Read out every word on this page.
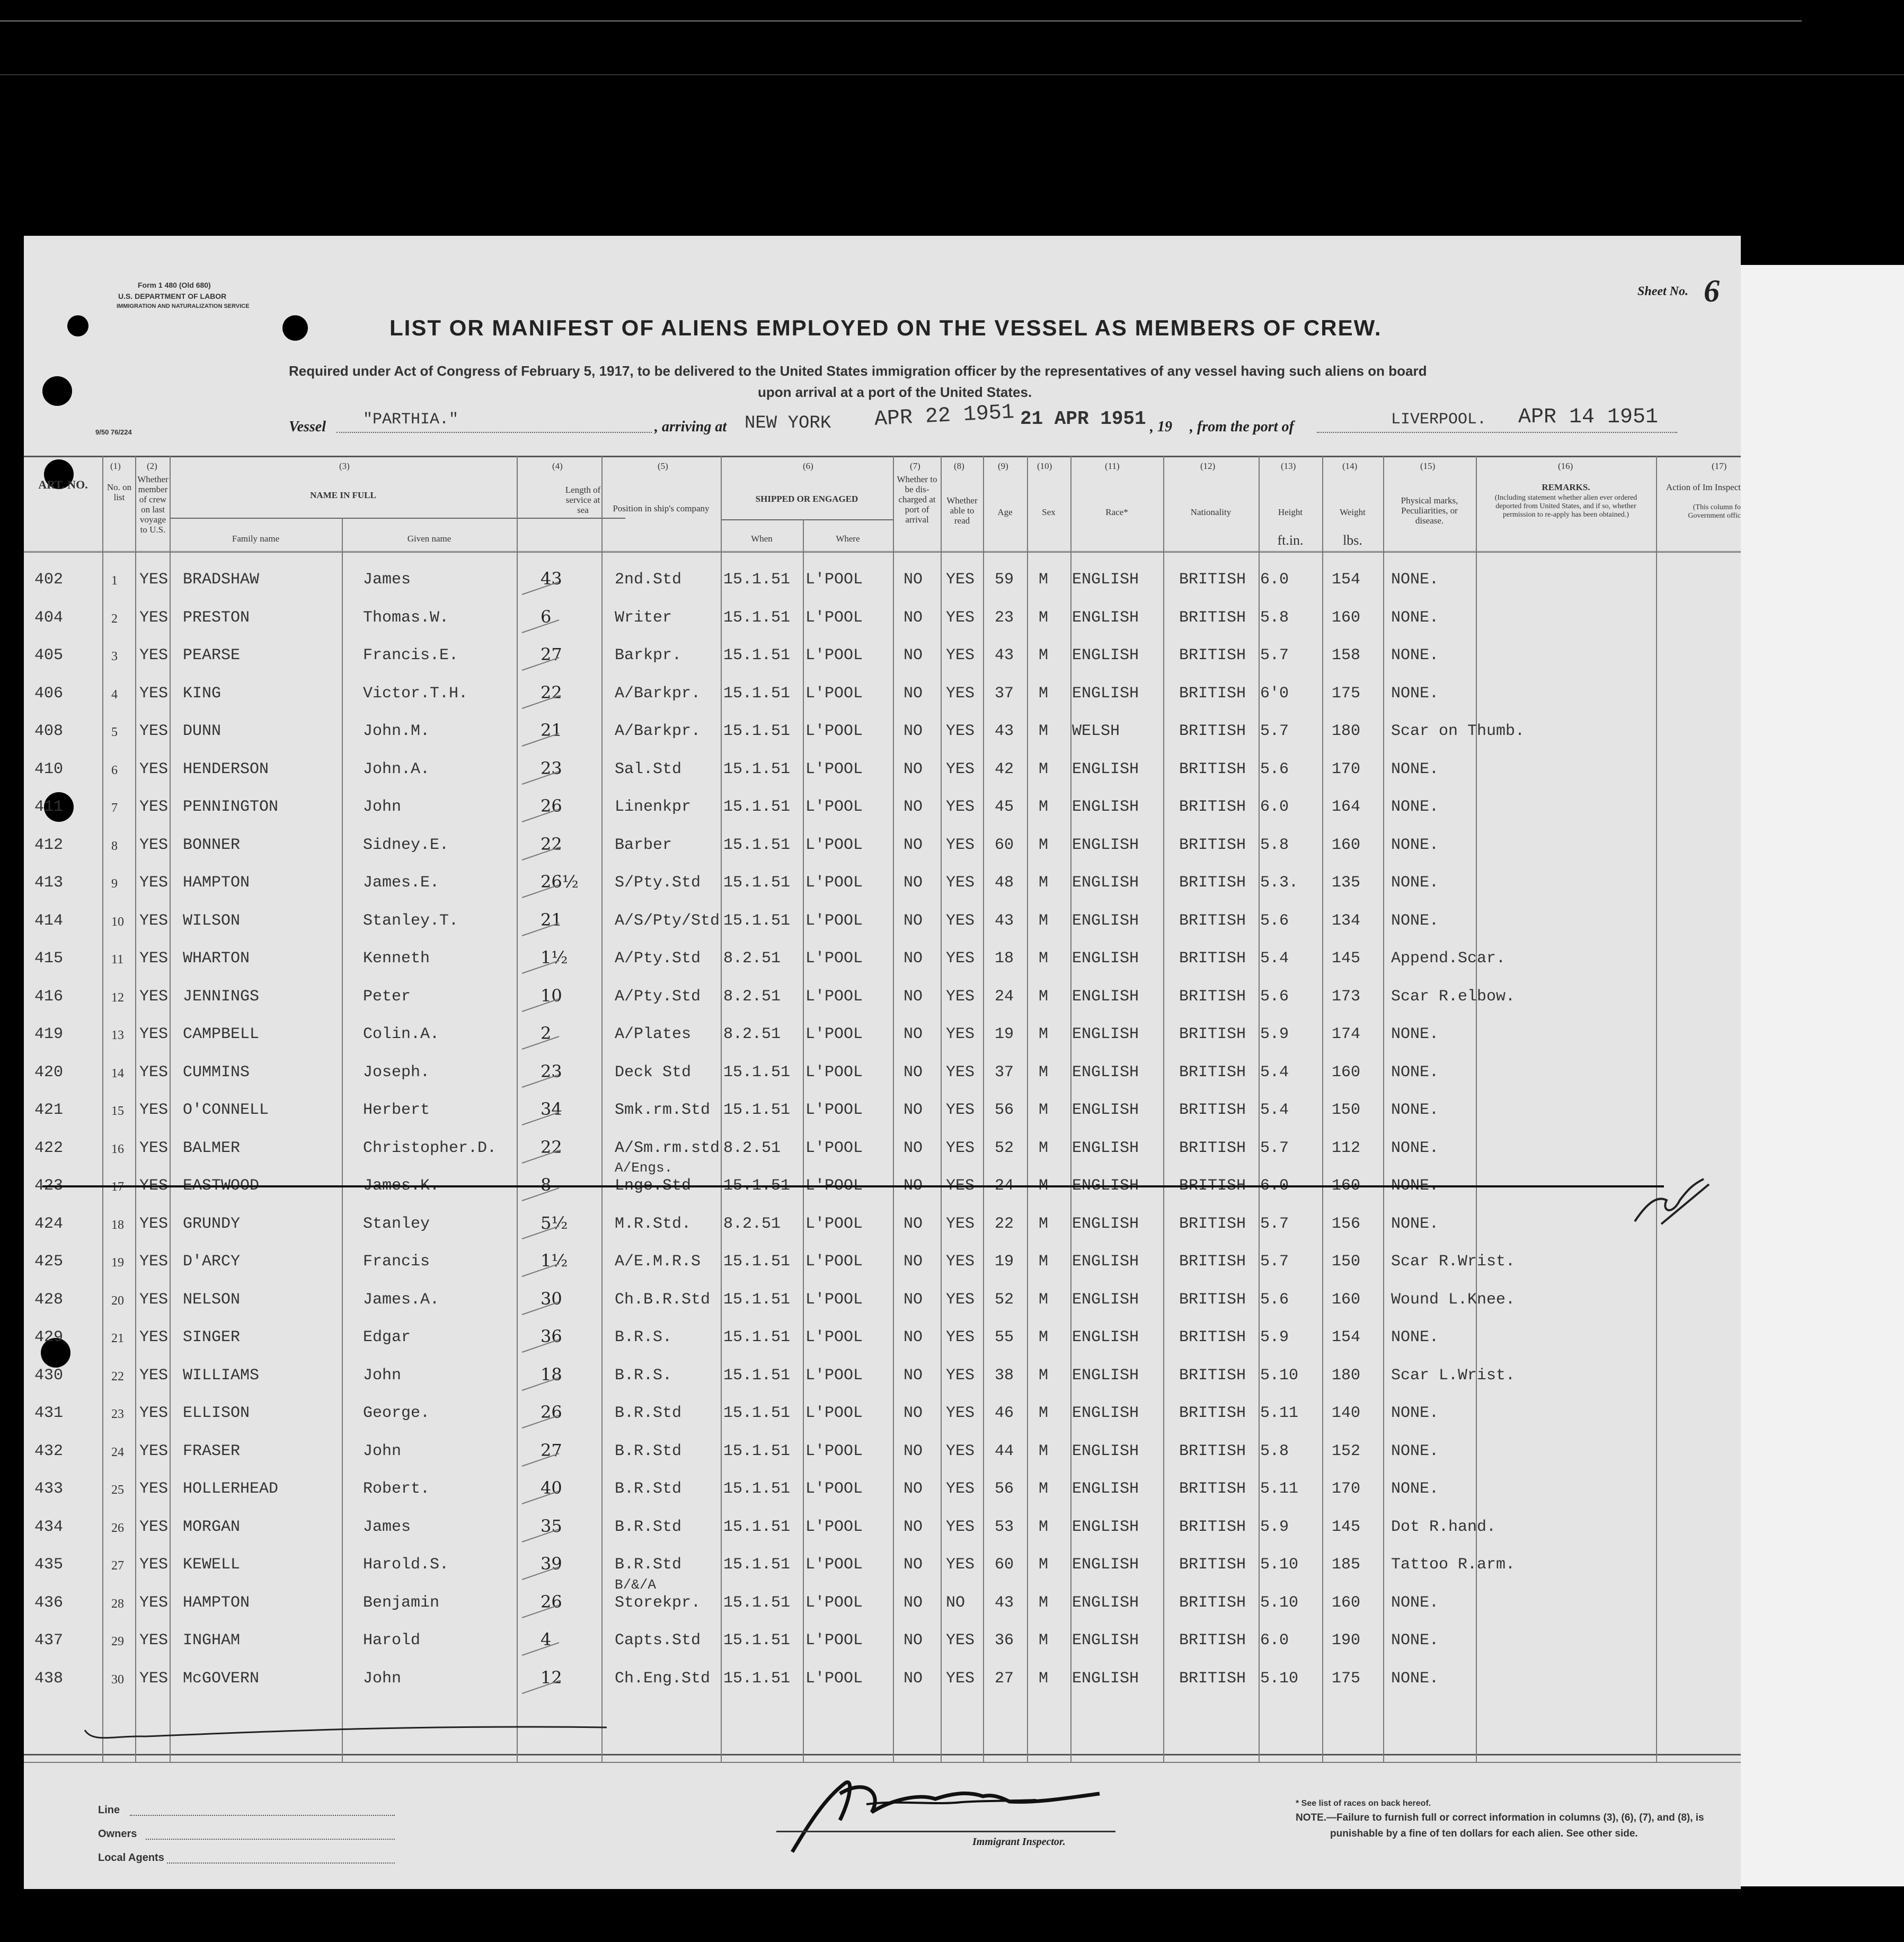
Form 1 480 (Old 680)
U.S. DEPARTMENT OF LABOR
IMMIGRATION AND NATURALIZATION SERVICE
9/50 76/224
Sheet No. 6
LIST OR MANIFEST OF ALIENS EMPLOYED ON THE VESSEL AS MEMBERS OF CREW.
Required under Act of Congress of February 5, 1917, to be delivered to the United States immigration officer by the representatives of any vessel having such aliens on board
upon arrival at a port of the United States.
Vessel "PARTHIA."	, arriving at NEW YORK APR 22 1951 21 APR 1951 , 19 , from the port of	LIVERPOOL. APR 14 1951
ART. NO.
(1)
No. on list
(2)
Whether member of crew on last voyage to U.S.
(3)
NAME IN FULL
Family name	Given name
(4)
Length of service at sea
(5)
Position in ship's company
(6)
SHIPPED OR ENGAGED
When	Where
(7)
Whether to be dis- charged at port of arrival
(8)
Whether able to read
(9)
Age
(10)
Sex
(11)
Race*
(12)
Nationality
(13)
Height
ft.in.
(14)
Weight
lbs.
(15)
Physical marks, Peculiarities, or disease.
(16)
REMARKS.
(Including statement whether alien ever ordered deported from United States, and if so, whether permission to re-apply has been obtained.)
(17)
Action of Im Inspect
(This column fo Government offic
402	1 YES BRADSHAW	James	43	2nd.Std	15.1.51 L'POOL	NO YES 59 M ENGLISH	BRITISH 6.0	154 NONE.
404	2 YES PRESTON	Thomas.W.	6	Writer	15.1.51 L'POOL	NO YES 23 M ENGLISH	BRITISH 5.8	160 NONE.
405	3 YES PEARSE	Francis.E.	27	Barkpr.	15.1.51 L'POOL	NO YES 43 M ENGLISH	BRITISH 5.7	158 NONE.
406	4 YES KING	Victor.T.H.	22	A/Barkpr. 15.1.51 L'POOL	NO YES 37 M ENGLISH	BRITISH 6'0	175 NONE.
408	5 YES DUNN	John.M.	21	A/Barkpr. 15.1.51 L'POOL	NO YES 43 M WELSH	BRITISH 5.7	180 Scar on Thumb.
410	6 YES HENDERSON	John.A.	23	Sal.Std	15.1.51 L'POOL	NO YES 42 M ENGLISH	BRITISH 5.6	170 NONE.
411	7 YES PENNINGTON	John	26	Linenkpr 15.1.51 L'POOL	NO YES 45 M ENGLISH	BRITISH 6.0	164 NONE.
412	8 YES BONNER	Sidney.E.	22	Barber	15.1.51 L'POOL	NO YES 60 M ENGLISH	BRITISH 5.8	160 NONE.
413	9 YES HAMPTON	James.E.	26½ S/Pty.Std 15.1.51 L'POOL	NO YES 48 M ENGLISH	BRITISH 5.3. 135 NONE.
414	10 YES WILSON	Stanley.T.	21	A/S/Pty/Std 15.1.51 L'POOL	NO YES 43 M ENGLISH	BRITISH 5.6	134 NONE.
415	11 YES WHARTON	Kenneth	1½	A/Pty.Std 8.2.51 L'POOL	NO YES 18 M ENGLISH	BRITISH 5.4	145 Append.Scar.
416	12 YES JENNINGS	Peter	10	A/Pty.Std 8.2.51 L'POOL	NO YES 24 M ENGLISH	BRITISH 5.6	173 Scar R.elbow.
419	13 YES CAMPBELL	Colin.A.	2	A/Plates 8.2.51 L'POOL	NO YES 19 M ENGLISH	BRITISH 5.9	174 NONE.
420	14 YES CUMMINS	Joseph.	23	Deck Std 15.1.51 L'POOL	NO YES 37 M ENGLISH	BRITISH 5.4	160 NONE.
421	15 YES O'CONNELL	Herbert	34	Smk.rm.Std 15.1.51 L'POOL	NO YES 56 M ENGLISH	BRITISH 5.4	150 NONE.
422	16 YES BALMER	Christopher.D.	22	A/Sm.rm.std 8.2.51 L'POOL	NO YES 52 M ENGLISH	BRITISH 5.7	112 NONE.
423	17 YES EASTWOOD	James.K.	8	Lnge.Std 15.1.51 L'POOL	NO YES 24 M ENGLISH	BRITISH 6.0	160 NONE.
A/Engs.
424	18 YES GRUNDY	Stanley	5½	M.R.Std. 8.2.51 L'POOL	NO YES 22 M ENGLISH	BRITISH 5.7	156 NONE.
425	19 YES D'ARCY	Francis	1½	A/E.M.R.S 15.1.51 L'POOL	NO YES 19 M ENGLISH	BRITISH 5.7	150 Scar R.Wrist.
428	20 YES NELSON	James.A.	30	Ch.B.R.Std 15.1.51 L'POOL	NO YES 52 M ENGLISH	BRITISH 5.6	160 Wound L.Knee.
429	21 YES SINGER	Edgar	36	B.R.S.	15.1.51 L'POOL	NO YES 55 M ENGLISH	BRITISH 5.9	154 NONE.
430	22 YES WILLIAMS	John	18	B.R.S.	15.1.51 L'POOL	NO YES 38 M ENGLISH	BRITISH 5.10 180 Scar L.Wrist.
431	23 YES ELLISON	George.	26	B.R.Std	15.1.51 L'POOL	NO YES 46 M ENGLISH	BRITISH 5.11 140 NONE.
432	24 YES FRASER	John	27	B.R.Std	15.1.51 L'POOL	NO YES 44 M ENGLISH	BRITISH 5.8	152 NONE.
433	25 YES HOLLERHEAD	Robert.	40	B.R.Std	15.1.51 L'POOL	NO YES 56 M ENGLISH	BRITISH 5.11 170 NONE.
434	26 YES MORGAN	James	35	B.R.Std	15.1.51 L'POOL	NO YES 53 M ENGLISH	BRITISH 5.9	145 Dot R.hand.
435	27 YES KEWELL	Harold.S.	39	B.R.Std	15.1.51 L'POOL	NO YES 60 M ENGLISH	BRITISH 5.10 185 Tattoo R.arm.
436	28 YES HAMPTON	Benjamin	26	Storekpr. 15.1.51 L'POOL	NO NO 43 M ENGLISH	BRITISH 5.10 160 NONE.
B/&/A
437	29 YES INGHAM	Harold	4	Capts.Std 15.1.51 L'POOL	NO YES 36 M ENGLISH	BRITISH 6.0	190 NONE.
438	30 YES McGOVERN	John	12	Ch.Eng.Std 15.1.51 L'POOL	NO YES 27 M ENGLISH	BRITISH 5.10 175 NONE.
Line
Owners
Local Agents
Immigrant Inspector.
* See list of races on back hereof.
NOTE.—Failure to furnish full or correct information in columns (3), (6), (7), and (8), is
punishable by a fine of ten dollars for each alien. See other side.
